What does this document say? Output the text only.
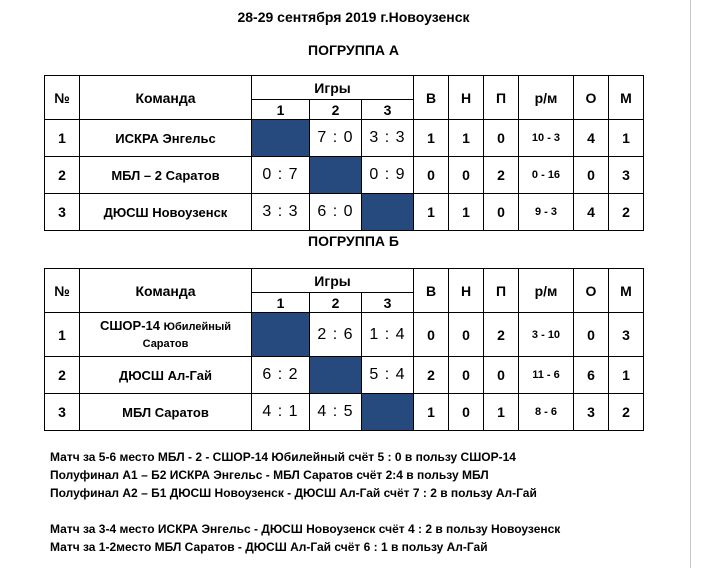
28-29 сентября 2019 г.Новоузенск
ПОГРУППА А
№	Команда	Игры			В	Н	П	р/м	О	М
		1	2	3						
1	ИСКРА Энгельс		7 : 0	3 : 3	1	1	0	10 - 3	4	1
2	МБЛ – 2 Саратов	0 : 7		0 : 9	0	0	2	0 - 16	0	3
3	ДЮСШ Новоузенск	3 : 3	6 : 0		1	1	0	9 - 3	4	2
ПОГРУППА Б
№	Команда	Игры			В	Н	П	р/м	О	М
		1	2	3						
1	СШОР-14 Юбилейный
Саратов		2 : 6	1 : 4	0	0	2	3 - 10	0	3
2	ДЮСШ Ал-Гай	6 : 2		5 : 4	2	0	0	11 - 6	6	1
3	МБЛ Саратов	4 : 1	4 : 5		1	0	1	8 - 6	3	2
Матч за 5-6 место МБЛ - 2 - СШОР-14 Юбилейный счёт 5 : 0 в пользу СШОР-14
Полуфинал А1 – Б2 ИСКРА Энгельс - МБЛ Саратов счёт 2:4 в пользу МБЛ
Полуфинал А2 – Б1 ДЮСШ Новоузенск - ДЮСШ Ал-Гай счёт 7 : 2 в пользу Ал-Гай
Матч за 3-4 место ИСКРА Энгельс - ДЮСШ Новоузенск счёт 4 : 2 в пользу Новоузенск
Матч за 1-2место МБЛ Саратов - ДЮСШ Ал-Гай счёт 6 : 1 в пользу Ал-Гай
